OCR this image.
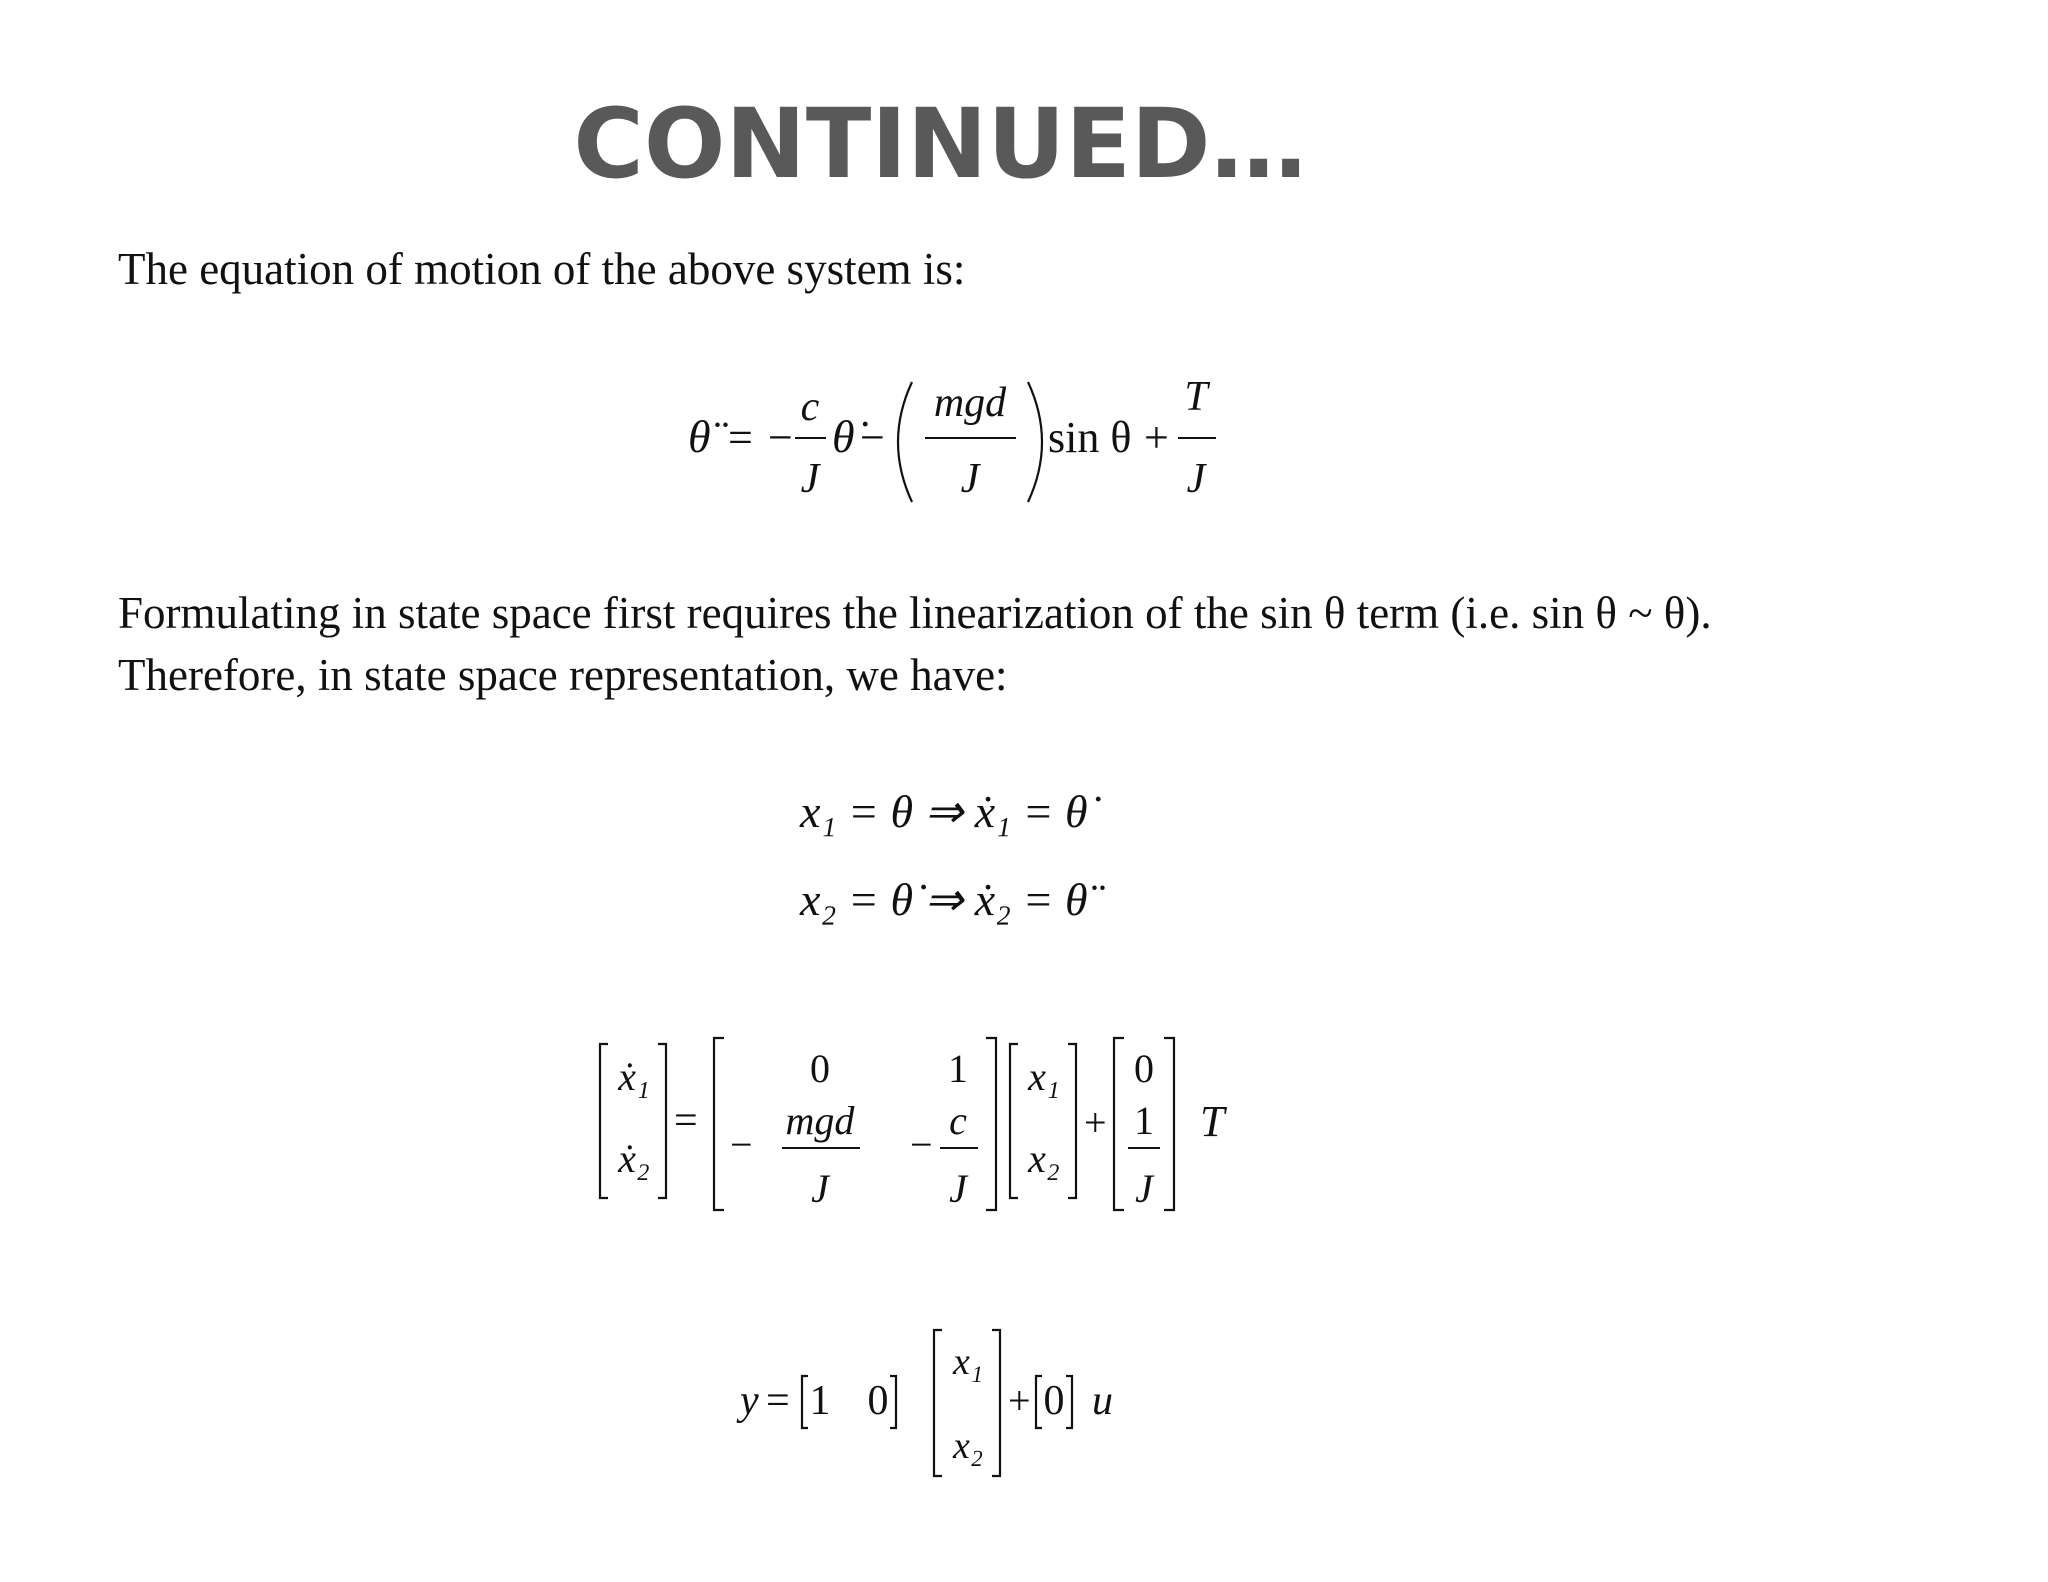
CONTINUED…
The equation of motion of the above system is:
θ̈ = −
c
J
θ̇ −
mgd
J
sin θ +
T
J
Formulating in state space first requires the linearization of the sin θ term (i.e. sin θ ~ θ).
Therefore, in state space representation, we have:
x₁ = θ ⇒ ẋ₁ = θ̇
x₂ = θ̇ ⇒ ẋ₂ = θ̈
ẋ₁
ẋ₂
=
0	1
−
mgd
J
−
c
J
x₁
x₂
+
0
1
J
T
y = 1 0
x₁
x₂
+ 0 u
